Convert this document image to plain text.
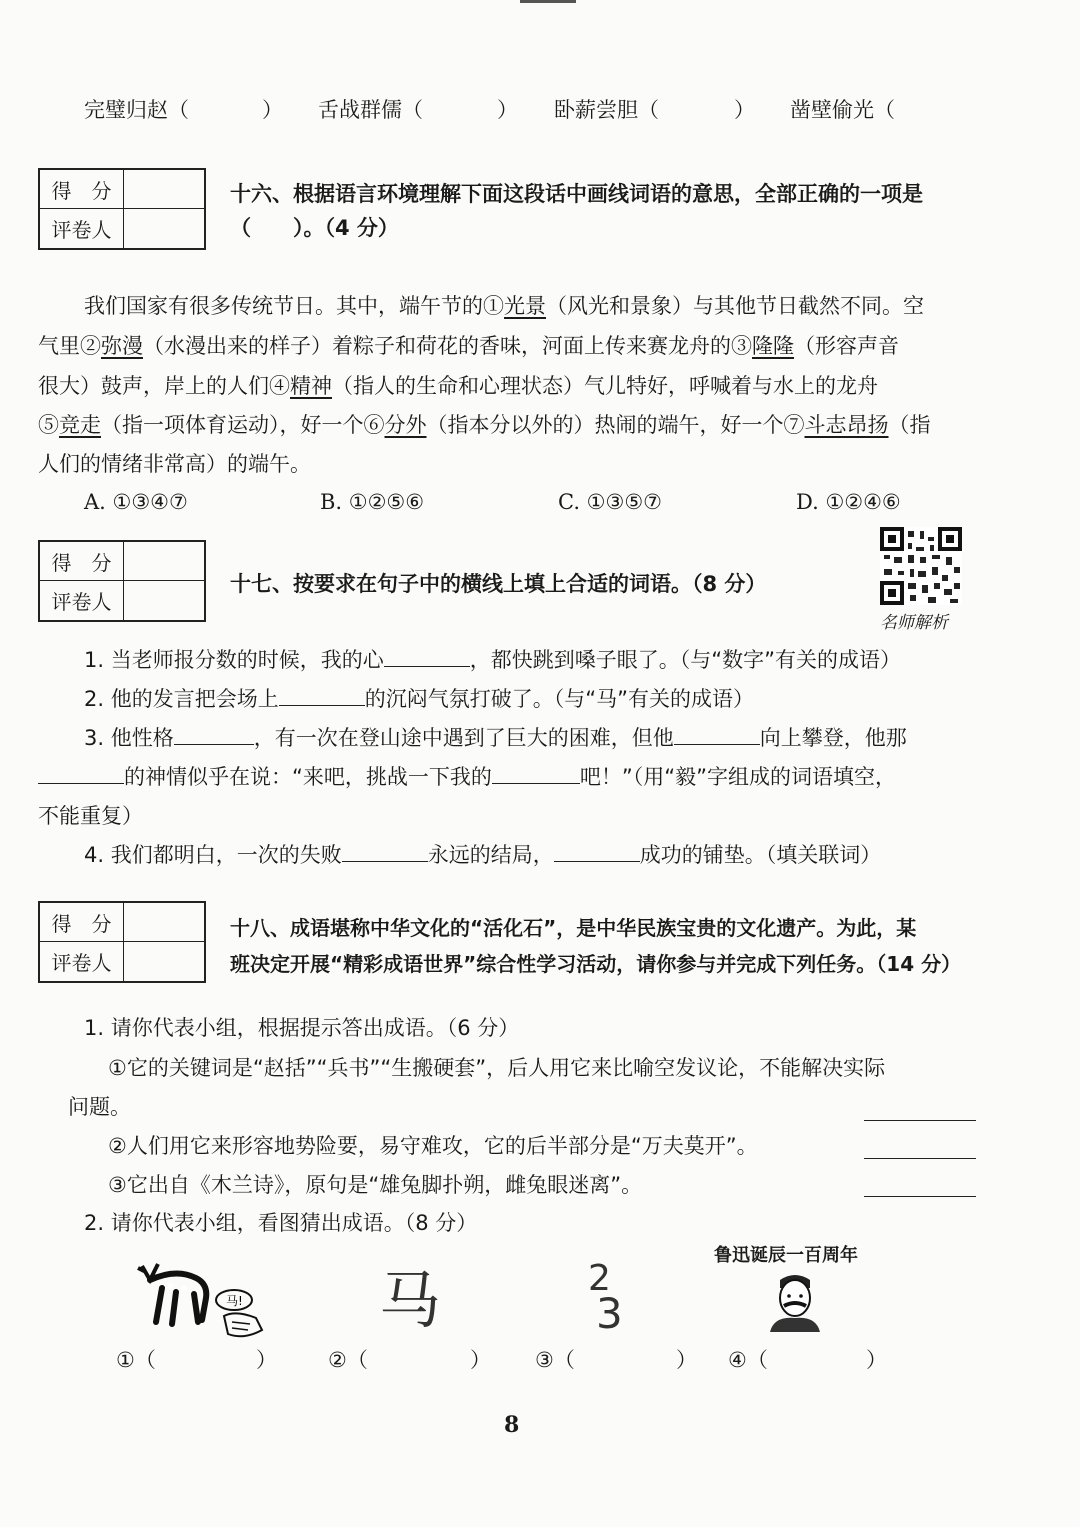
完璧归赵（	） 舌战群儒（	） 卧薪尝胆（	） 凿壁偷光（
得　分
评卷人
十六、根据语言环境理解下面这段话中画线词语的意思，全部正确的一项是
（　　）。（4 分）
我们国家有很多传统节日。其中，端午节的①光景（风光和景象）与其他节日截然不同。空
气里②弥漫（水漫出来的样子）着粽子和荷花的香味，河面上传来赛龙舟的③隆隆（形容声音
很大）鼓声，岸上的人们④精神（指人的生命和心理状态）气儿特好，呼喊着与水上的龙舟
⑤竞走（指一项体育运动），好一个⑥分外（指本分以外的）热闹的端午，好一个⑦斗志昂扬（指
人们的情绪非常高）的端午。
A. ①③④⑦	B. ①②⑤⑥	C. ①③⑤⑦	D. ①②④⑥
得　分
评卷人
十七、按要求在句子中的横线上填上合适的词语。（8 分）
名师解析
1. 当老师报分数的时候，我的心	，都快跳到嗓子眼了。（与“数字”有关的成语）
2. 他的发言把会场上	的沉闷气氛打破了。（与“马”有关的成语）
3. 他性格	，有一次在登山途中遇到了巨大的困难，但他	向上攀登，他那
的神情似乎在说：“来吧，挑战一下我的	吧！”（用“毅”字组成的词语填空，
不能重复）
4. 我们都明白，一次的失败	永远的结局，	成功的铺垫。（填关联词）
得　分
评卷人
十八、成语堪称中华文化的“活化石”，是中华民族宝贵的文化遗产。为此，某
班决定开展“精彩成语世界”综合性学习活动，请你参与并完成下列任务。（14 分）
1. 请你代表小组，根据提示答出成语。（6 分）
①它的关键词是“赵括”“兵书”“生搬硬套”，后人用它来比喻空发议论，不能解决实际
问题。
②人们用它来形容地势险要，易守难攻，它的后半部分是“万夫莫开”。
③它出自《木兰诗》，原句是“雄兔脚扑朔，雌兔眼迷离”。
2. 请你代表小组，看图猜出成语。（8 分）
马! 马	2
3
鲁迅诞辰一百周年
①（	） ②（	） ③（	） ④（	）
8
